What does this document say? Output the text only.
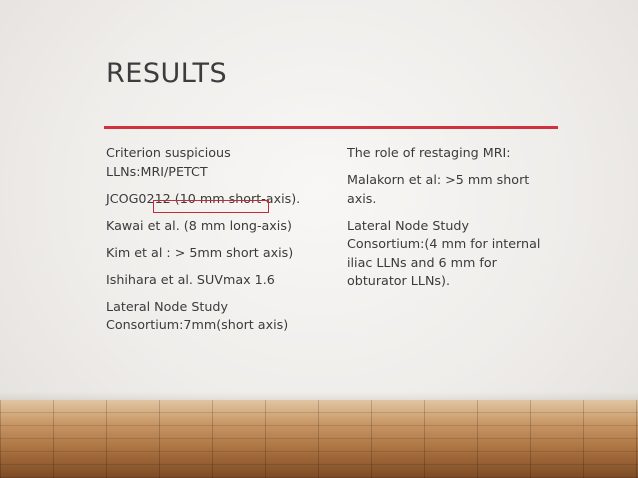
RESULTS

Criterion suspicious LLNs:MRI/PETCT

JCOG0212 (10 mm short-axis).

Kawai et al. (8 mm long-axis)

Kim et al : > 5mm short axis)

Ishihara et al. SUVmax 1.6

Lateral Node Study Consortium:7mm(short axis)

The role of restaging MRI:

Malakorn et al: >5 mm short axis.

Lateral Node Study Consortium:(4 mm for internal iliac LLNs and 6 mm for obturator LLNs).
